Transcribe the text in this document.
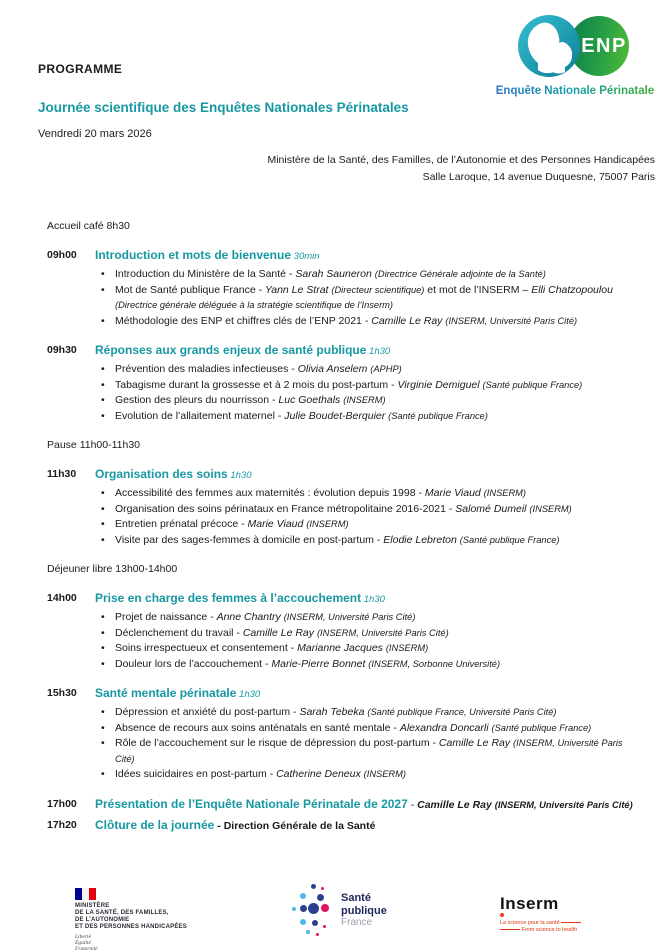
PROGRAMME
Journée scientifique des Enquêtes Nationales Périnatales
Vendredi 20 mars 2026
Ministère de la Santé, des Familles, de l’Autonomie et des Personnes Handicapées
Salle Laroque, 14 avenue Duquesne, 75007 Paris
ENP
Enquête Nationale Périnatale
Accueil café 8h30
09h00	Introduction et mots de bienvenue 30min
• Introduction du Ministère de la Santé - Sarah Sauneron (Directrice Générale adjointe de la Santé)
• Mot de Santé publique France - Yann Le Strat (Directeur scientifique) et mot de l’INSERM – Elli Chatzopoulou (Directrice générale déléguée à la stratégie scientifique de l’Inserm)
• Méthodologie des ENP et chiffres clés de l’ENP 2021 - Camille Le Ray (INSERM, Université Paris Cité)
09h30	Réponses aux grands enjeux de santé publique 1h30
• Prévention des maladies infectieuses - Olivia Anselem (APHP)
• Tabagisme durant la grossesse et à 2 mois du post-partum - Virginie Demiguel (Santé publique France)
• Gestion des pleurs du nourrisson - Luc Goethals (INSERM)
• Evolution de l’allaitement maternel - Julie Boudet-Berquier (Santé publique France)
Pause 11h00-11h30
11h30	Organisation des soins 1h30
• Accessibilité des femmes aux maternités : évolution depuis 1998 - Marie Viaud (INSERM)
• Organisation des soins périnataux en France métropolitaine 2016-2021 - Salomé Dumeil (INSERM)
• Entretien prénatal précoce - Marie Viaud (INSERM)
• Visite par des sages-femmes à domicile en post-partum - Elodie Lebreton (Santé publique France)
Déjeuner libre 13h00-14h00
14h00	Prise en charge des femmes à l’accouchement 1h30
• Projet de naissance - Anne Chantry (INSERM, Université Paris Cité)
• Déclenchement du travail - Camille Le Ray (INSERM, Université Paris Cité)
• Soins irrespectueux et consentement - Marianne Jacques (INSERM)
• Douleur lors de l’accouchement - Marie-Pierre Bonnet (INSERM, Sorbonne Université)
15h30	Santé mentale périnatale 1h30
• Dépression et anxiété du post-partum - Sarah Tebeka (Santé publique France, Université Paris Cité)
• Absence de recours aux soins anténatals en santé mentale - Alexandra Doncarli (Santé publique France)
• Rôle de l’accouchement sur le risque de dépression du post-partum - Camille Le Ray (INSERM, Université Paris Cité)
• Idées suicidaires en post-partum - Catherine Deneux (INSERM)
17h00	Présentation de l’Enquête Nationale Périnatale de 2027 - Camille Le Ray (INSERM, Université Paris Cité)
17h20	Clôture de la journée - Direction Générale de la Santé
MINISTÈRE
DE LA SANTÉ, DES FAMILLES,
DE L’AUTONOMIE
ET DES PERSONNES HANDICAPÉES
Liberté
Égalité
Fraternité
Santé
publique
France
Inserm
La science pour la santé
From science to health
